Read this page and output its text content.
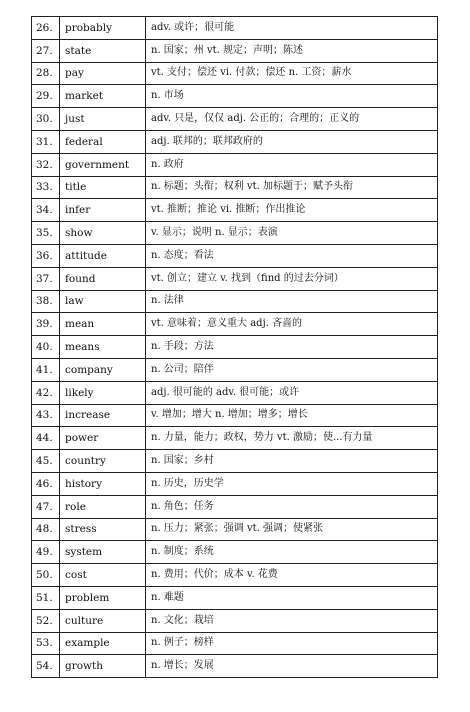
26.	probably	adv. 或许；很可能
27.	state	n. 国家；州 vt. 规定；声明；陈述
28.	pay	vt. 支付；偿还 vi. 付款；偿还 n. 工资；薪水
29.	market	n. 市场
30.	just	adv. 只是，仅仅 adj. 公正的；合理的；正义的
31.	federal	adj. 联邦的；联邦政府的
32.	government	n. 政府
33.	title	n. 标题；头衔；权利 vt. 加标题于；赋予头衔
34.	infer	vt. 推断；推论 vi. 推断；作出推论
35.	show	v. 显示；说明 n. 显示；表演
36.	attitude	n. 态度；看法
37.	found	vt. 创立；建立 v. 找到（find 的过去分词）
38.	law	n. 法律
39.	mean	vt. 意味着；意义重大 adj. 吝啬的
40.	means	n. 手段；方法
41.	company	n. 公司；陪伴
42.	likely	adj. 很可能的 adv. 很可能；或许
43.	increase	v. 增加；增大 n. 增加；增多；增长
44.	power	n. 力量，能力；政权，势力 vt. 激励；使...有力量
45.	country	n. 国家；乡村
46.	history	n. 历史，历史学
47.	role	n. 角色；任务
48.	stress	n. 压力；紧张；强调 vt. 强调；使紧张
49.	system	n. 制度；系统
50.	cost	n. 费用；代价；成本 v. 花费
51.	problem	n. 难题
52.	culture	n. 文化；栽培
53.	example	n. 例子；榜样
54.	growth	n. 增长；发展
